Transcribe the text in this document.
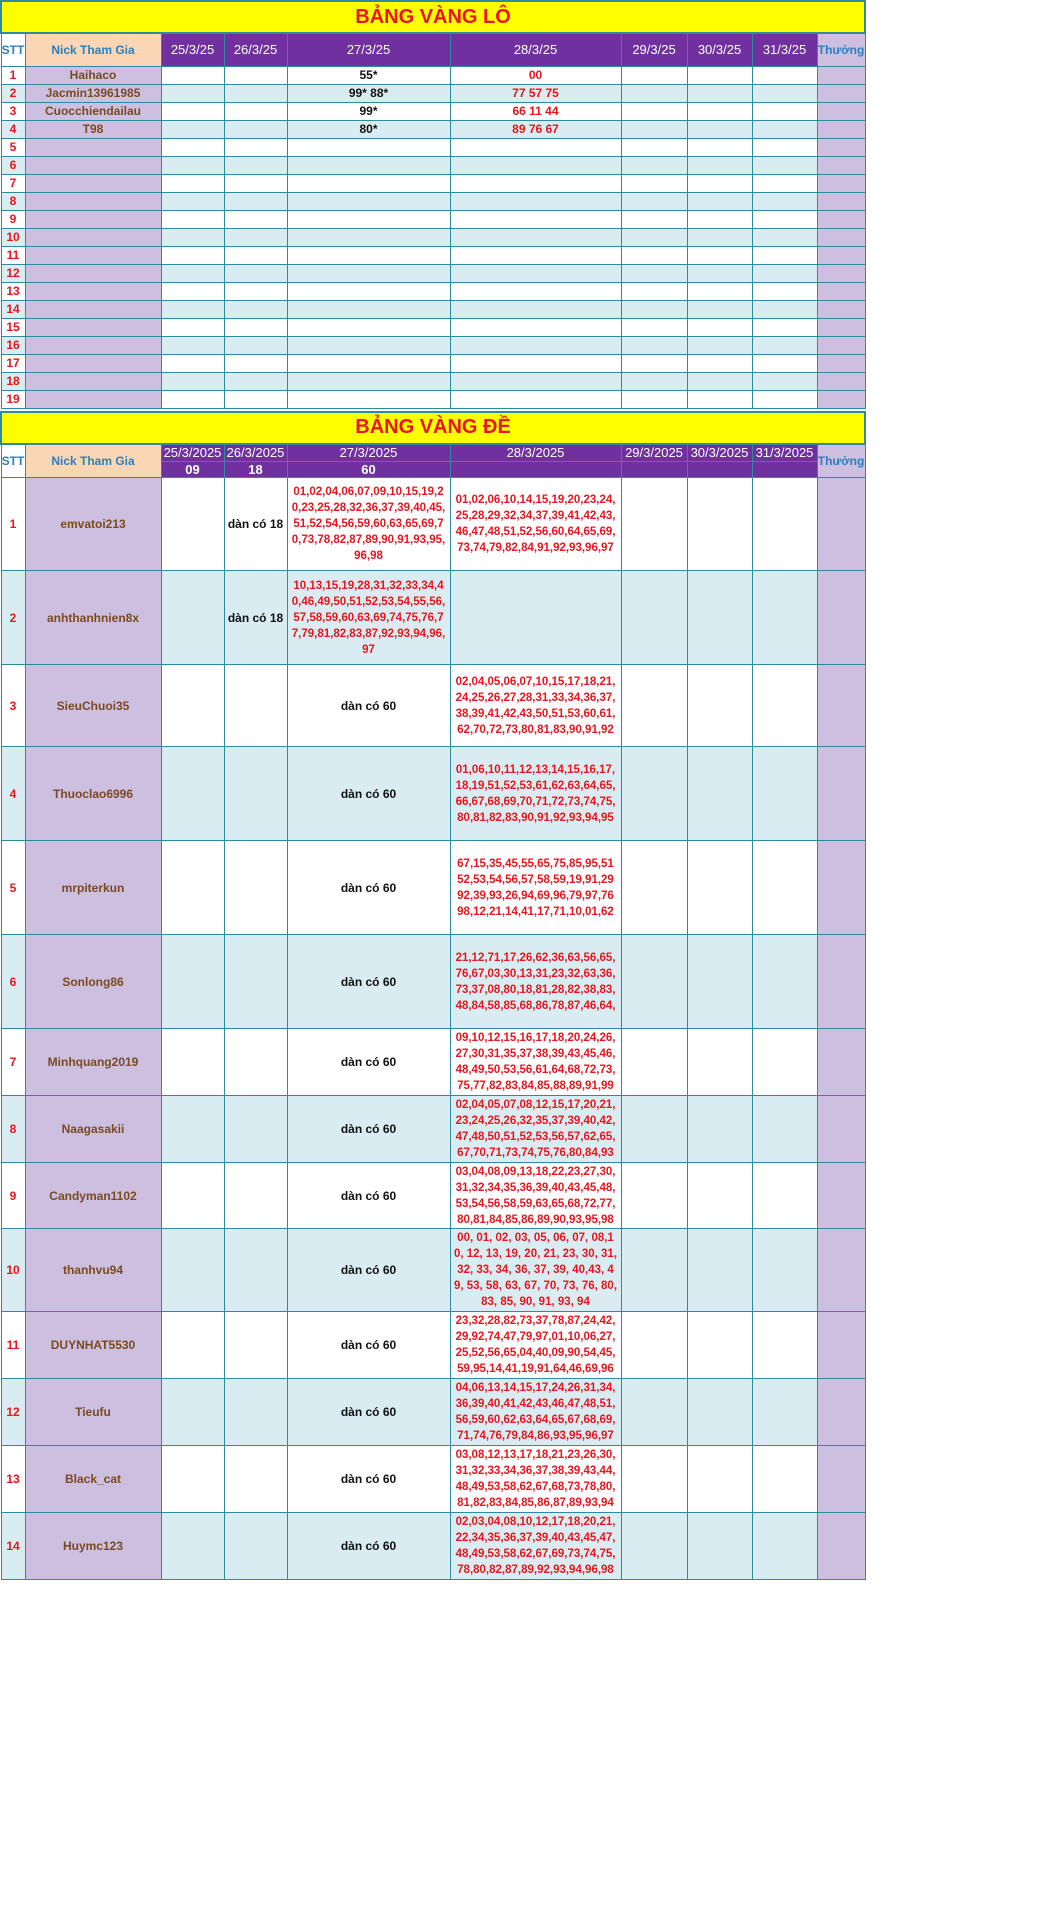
BẢNG VÀNG LÔ									
STT	Nick Tham Gia	25/3/25	26/3/25	27/3/25	28/3/25	29/3/25	30/3/25	31/3/25	Thưởng
1	Haihaco			55*	00				
2	Jacmin13961985			99* 88*	77 57 75				
3	Cuocchiendailau			99*	66 11 44				
4	T98			80*	89 76 67				
5									
6									
7									
8									
9									
10									
11									
12									
13									
14									
15									
16									
17									
18									
19									
BẢNG VÀNG ĐỀ									
STT	Nick Tham Gia	25/3/2025	26/3/2025	27/3/2025	28/3/2025	29/3/2025	30/3/2025	31/3/2025	Thưởng
		09	18	60					
1	emvatoi213		dàn có 18	01,02,04,06,07,09,10,15,19,20,23,25,28,32,36,37,39,40,45,51,52,54,56,59,60,63,65,69,70,73,78,82,87,89,90,91,93,95,96,98	01,02,06,10,14,15,19,20,23,24,25,28,29,32,34,37,39,41,42,43,46,47,48,51,52,56,60,64,65,69,73,74,79,82,84,91,92,93,96,97				
2	anhthanhnien8x		dàn có 18	10,13,15,19,28,31,32,33,34,40,46,49,50,51,52,53,54,55,56,57,58,59,60,63,69,74,75,76,77,79,81,82,83,87,92,93,94,96,97					
3	SieuChuoi35			dàn có 60	02,04,05,06,07,10,15,17,18,21,24,25,26,27,28,31,33,34,36,37,38,39,41,42,43,50,51,53,60,61,62,70,72,73,80,81,83,90,91,92				
4	Thuoclao6996			dàn có 60	01,06,10,11,12,13,14,15,16,17,18,19,51,52,53,61,62,63,64,65,66,67,68,69,70,71,72,73,74,75,80,81,82,83,90,91,92,93,94,95				
5	mrpiterkun			dàn có 60	67,15,35,45,55,65,75,85,95,51 52,53,54,56,57,58,59,19,91,29 92,39,93,26,94,69,96,79,97,76 98,12,21,14,41,17,71,10,01,62				
6	Sonlong86			dàn có 60	21,12,71,17,26,62,36,63,56,65,76,67,03,30,13,31,23,32,63,36,73,37,08,80,18,81,28,82,38,83,48,84,58,85,68,86,78,87,46,64,				
7	Minhquang2019			dàn có 60	09,10,12,15,16,17,18,20,24,26,27,30,31,35,37,38,39,43,45,46,48,49,50,53,56,61,64,68,72,73,75,77,82,83,84,85,88,89,91,99				
8	Naagasakii			dàn có 60	02,04,05,07,08,12,15,17,20,21,23,24,25,26,32,35,37,39,40,42,47,48,50,51,52,53,56,57,62,65,67,70,71,73,74,75,76,80,84,93				
9	Candyman1102			dàn có 60	03,04,08,09,13,18,22,23,27,30,31,32,34,35,36,39,40,43,45,48,53,54,56,58,59,63,65,68,72,77,80,81,84,85,86,89,90,93,95,98				
10	thanhvu94			dàn có 60	00, 01, 02, 03, 05, 06, 07, 08,10, 12, 13, 19, 20, 21, 23, 30, 31, 32, 33, 34, 36, 37, 39, 40,43, 49, 53, 58, 63, 67, 70, 73, 76, 80, 83, 85, 90, 91, 93, 94				
11	DUYNHAT5530			dàn có 60	23,32,28,82,73,37,78,87,24,42,29,92,74,47,79,97,01,10,06,27,25,52,56,65,04,40,09,90,54,45,59,95,14,41,19,91,64,46,69,96				
12	Tieufu			dàn có 60	04,06,13,14,15,17,24,26,31,34,36,39,40,41,42,43,46,47,48,51,56,59,60,62,63,64,65,67,68,69,71,74,76,79,84,86,93,95,96,97				
13	Black_cat			dàn có 60	03,08,12,13,17,18,21,23,26,30,31,32,33,34,36,37,38,39,43,44,48,49,53,58,62,67,68,73,78,80,81,82,83,84,85,86,87,89,93,94				
14	Huymc123			dàn có 60	02,03,04,08,10,12,17,18,20,21,22,34,35,36,37,39,40,43,45,47,48,49,53,58,62,67,69,73,74,75,78,80,82,87,89,92,93,94,96,98				
